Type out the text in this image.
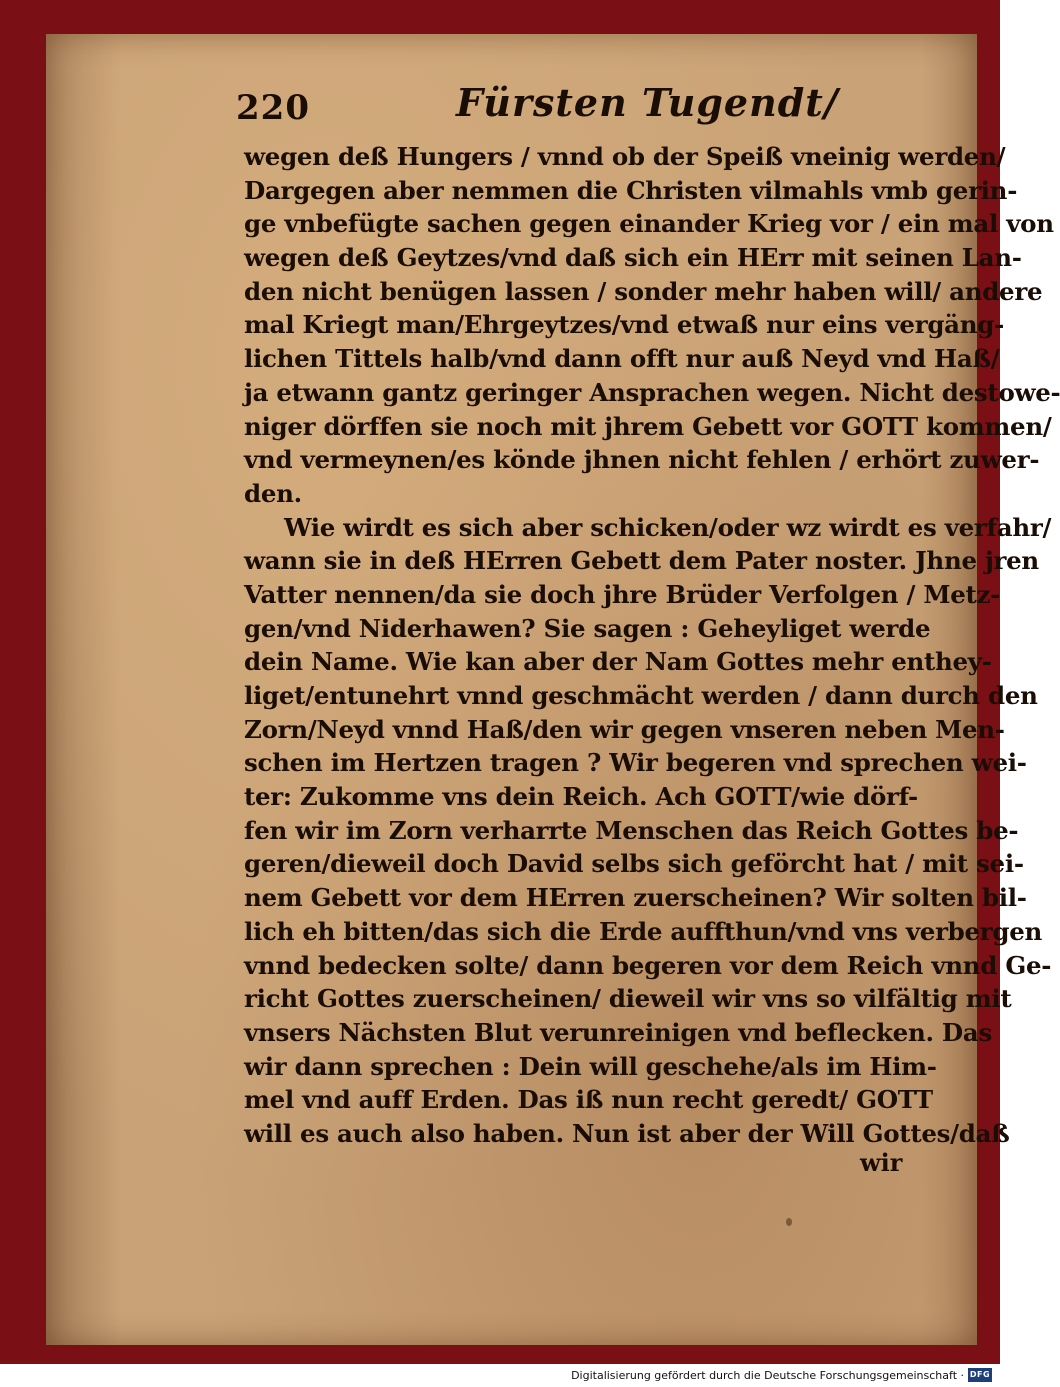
220	Fürsten Tugendt/
wegen deß Hungers / vnnd ob der Speiß vneinig werden/
Dargegen aber nemmen die Christen vilmahls vmb gerin-
ge vnbefügte sachen gegen einander Krieg vor / ein mal von
wegen deß Geytzes/vnd daß sich ein HErr mit seinen Lan-
den nicht benügen lassen / sonder mehr haben will/ andere
mal Kriegt man/Ehrgeytzes/vnd etwaß nur eins vergäng-
lichen Tittels halb/vnd dann offt nur auß Neyd vnd Haß/
ja etwann gantz geringer Ansprachen wegen. Nicht destowe-
niger dörffen sie noch mit jhrem Gebett vor GOTT kommen/
vnd vermeynen/es könde jhnen nicht fehlen / erhört zuwer-
den.
Wie wirdt es sich aber schicken/oder wz wirdt es verfahr/
wann sie in deß HErren Gebett dem Pater noster. Jhne jren
Vatter nennen/da sie doch jhre Brüder Verfolgen / Metz-
gen/vnd Niderhawen? Sie sagen : Geheyliget werde
dein Name. Wie kan aber der Nam Gottes mehr enthey-
liget/entunehrt vnnd geschmächt werden / dann durch den
Zorn/Neyd vnnd Haß/den wir gegen vnseren neben Men-
schen im Hertzen tragen ? Wir begeren vnd sprechen wei-
ter: Zukomme vns dein Reich. Ach GOTT/wie dörf-
fen wir im Zorn verharrte Menschen das Reich Gottes be-
geren/dieweil doch David selbs sich geförcht hat / mit sei-
nem Gebett vor dem HErren zuerscheinen? Wir solten bil-
lich eh bitten/das sich die Erde auffthun/vnd vns verbergen
vnnd bedecken solte/ dann begeren vor dem Reich vnnd Ge-
richt Gottes zuerscheinen/ dieweil wir vns so vilfältig mit
vnsers Nächsten Blut verunreinigen vnd beflecken. Das
wir dann sprechen : Dein will geschehe/als im Him-
mel vnd auff Erden. Das iß nun recht geredt/ GOTT
will es auch also haben. Nun ist aber der Will Gottes/daß
wir
Digitalisierung gefördert durch die Deutsche Forschungsgemeinschaft · DFG
